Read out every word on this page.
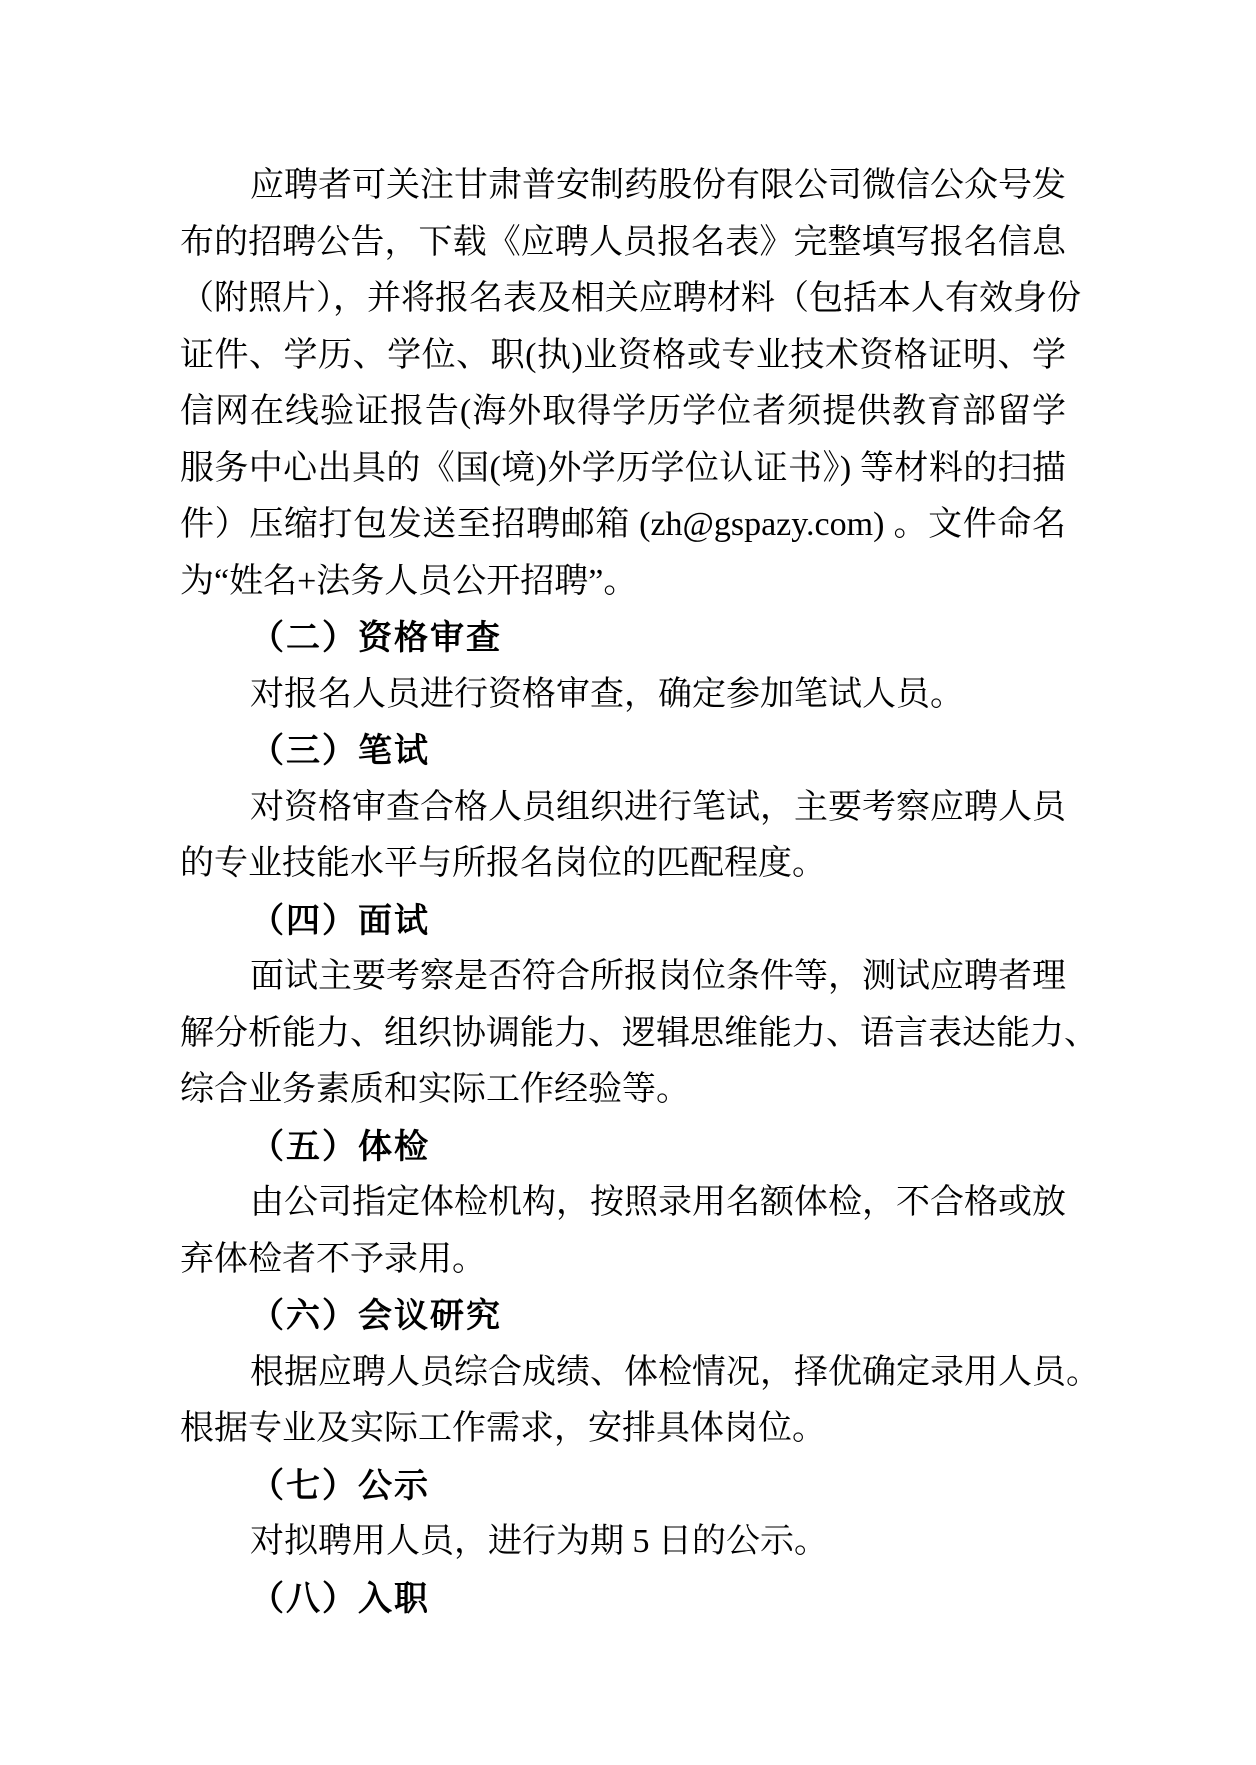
应聘者可关注甘肃普安制药股份有限公司微信公众号发
布的招聘公告，下载《应聘人员报名表》完整填写报名信息
（附照片），并将报名表及相关应聘材料（包括本人有效身份
证件、学历、学位、职(执)业资格或专业技术资格证明、学
信网在线验证报告(海外取得学历学位者须提供教育部留学
服务中心出具的《国(境)外学历学位认证书》) 等材料的扫描
件）压缩打包发送至招聘邮箱 (zh@gspazy.com) 。文件命名
为“姓名+法务人员公开招聘”。
（二）资格审查
对报名人员进行资格审查，确定参加笔试人员。
（三）笔试
对资格审查合格人员组织进行笔试，主要考察应聘人员
的专业技能水平与所报名岗位的匹配程度。
（四）面试
面试主要考察是否符合所报岗位条件等，测试应聘者理
解分析能力、组织协调能力、逻辑思维能力、语言表达能力、
综合业务素质和实际工作经验等。
（五）体检
由公司指定体检机构，按照录用名额体检，不合格或放
弃体检者不予录用。
（六）会议研究
根据应聘人员综合成绩、体检情况，择优确定录用人员。
根据专业及实际工作需求，安排具体岗位。
（七）公示
对拟聘用人员，进行为期 5 日的公示。
（八）入职
